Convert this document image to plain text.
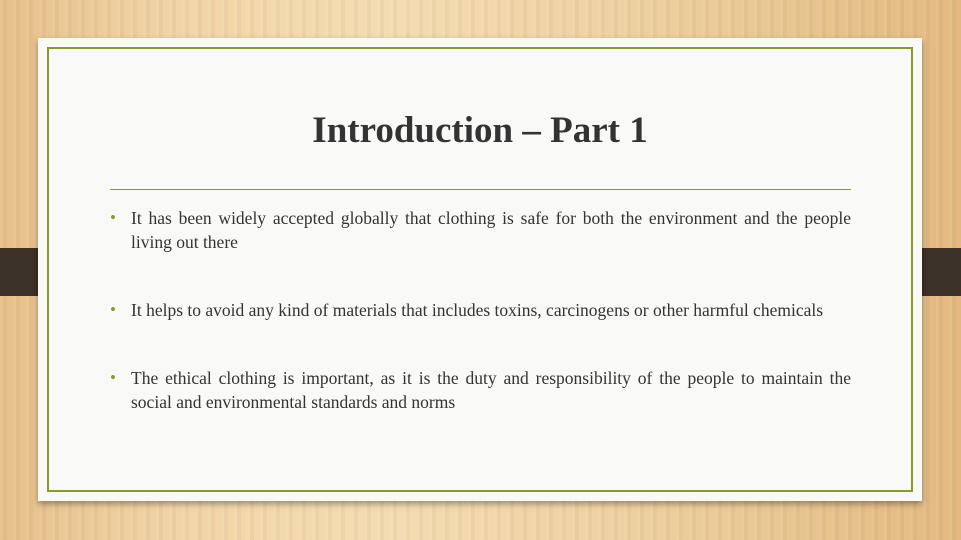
Introduction – Part 1
• It has been widely accepted globally that clothing is safe for both the environment and the people living out there
• It helps to avoid any kind of materials that includes toxins, carcinogens or other harmful chemicals
• The ethical clothing is important, as it is the duty and responsibility of the people to maintain the social and environmental standards and norms
